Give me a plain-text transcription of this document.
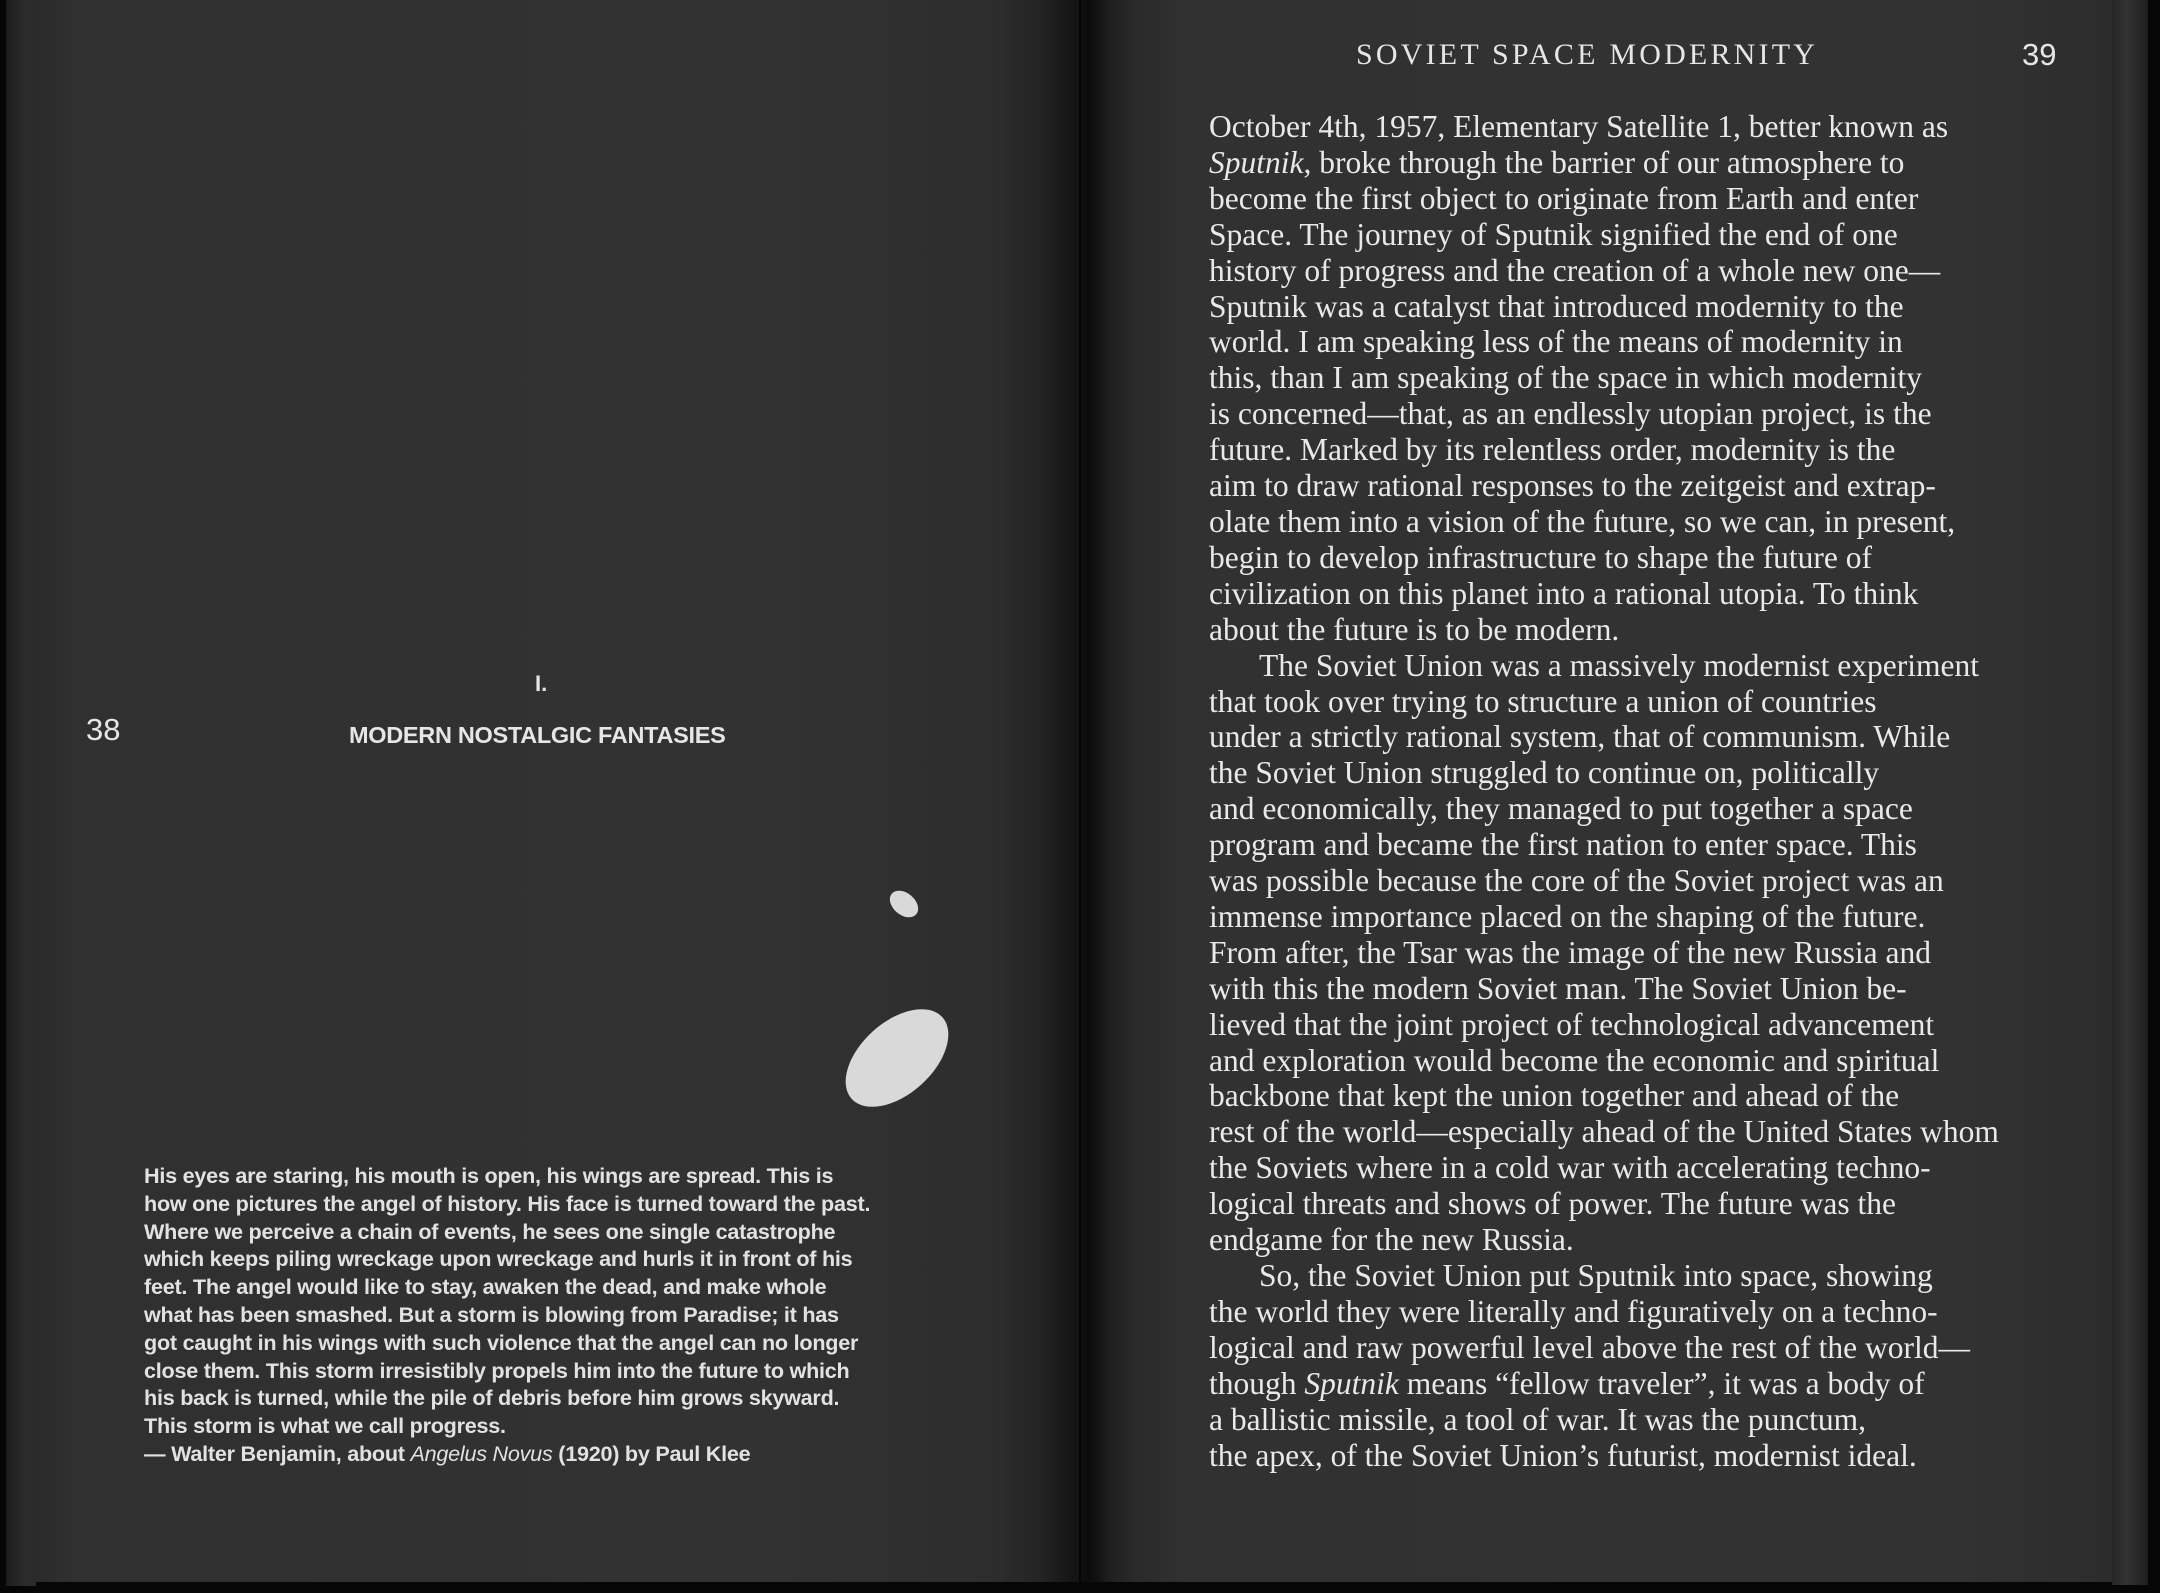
38
I.
MODERN NOSTALGIC FANTASIES
His eyes are staring, his mouth is open, his wings are spread. This is
how one pictures the angel of history. His face is turned toward the past.
Where we perceive a chain of events, he sees one single catastrophe
which keeps piling wreckage upon wreckage and hurls it in front of his
feet. The angel would like to stay, awaken the dead, and make whole
what has been smashed. But a storm is blowing from Paradise; it has
got caught in his wings with such violence that the angel can no longer
close them. This storm irresistibly propels him into the future to which
his back is turned, while the pile of debris before him grows skyward.
This storm is what we call progress.
— Walter Benjamin, about Angelus Novus (1920) by Paul Klee
SOVIET SPACE MODERNITY	39
October 4th, 1957, Elementary Satellite 1, better known as
Sputnik, broke through the barrier of our atmosphere to
become the first object to originate from Earth and enter
Space. The journey of Sputnik signified the end of one
history of progress and the creation of a whole new one—
Sputnik was a catalyst that introduced modernity to the
world. I am speaking less of the means of modernity in
this, than I am speaking of the space in which modernity
is concerned—that, as an endlessly utopian project, is the
future. Marked by its relentless order, modernity is the
aim to draw rational responses to the zeitgeist and extrap-
olate them into a vision of the future, so we can, in present,
begin to develop infrastructure to shape the future of
civilization on this planet into a rational utopia. To think
about the future is to be modern.
The Soviet Union was a massively modernist experiment
that took over trying to structure a union of countries
under a strictly rational system, that of communism. While
the Soviet Union struggled to continue on, politically
and economically, they managed to put together a space
program and became the first nation to enter space. This
was possible because the core of the Soviet project was an
immense importance placed on the shaping of the future.
From after, the Tsar was the image of the new Russia and
with this the modern Soviet man. The Soviet Union be-
lieved that the joint project of technological advancement
and exploration would become the economic and spiritual
backbone that kept the union together and ahead of the
rest of the world—especially ahead of the United States whom
the Soviets where in a cold war with accelerating techno-
logical threats and shows of power. The future was the
endgame for the new Russia.
So, the Soviet Union put Sputnik into space, showing
the world they were literally and figuratively on a techno-
logical and raw powerful level above the rest of the world—
though Sputnik means “fellow traveler”, it was a body of
a ballistic missile, a tool of war. It was the punctum,
the apex, of the Soviet Union’s futurist, modernist ideal.
